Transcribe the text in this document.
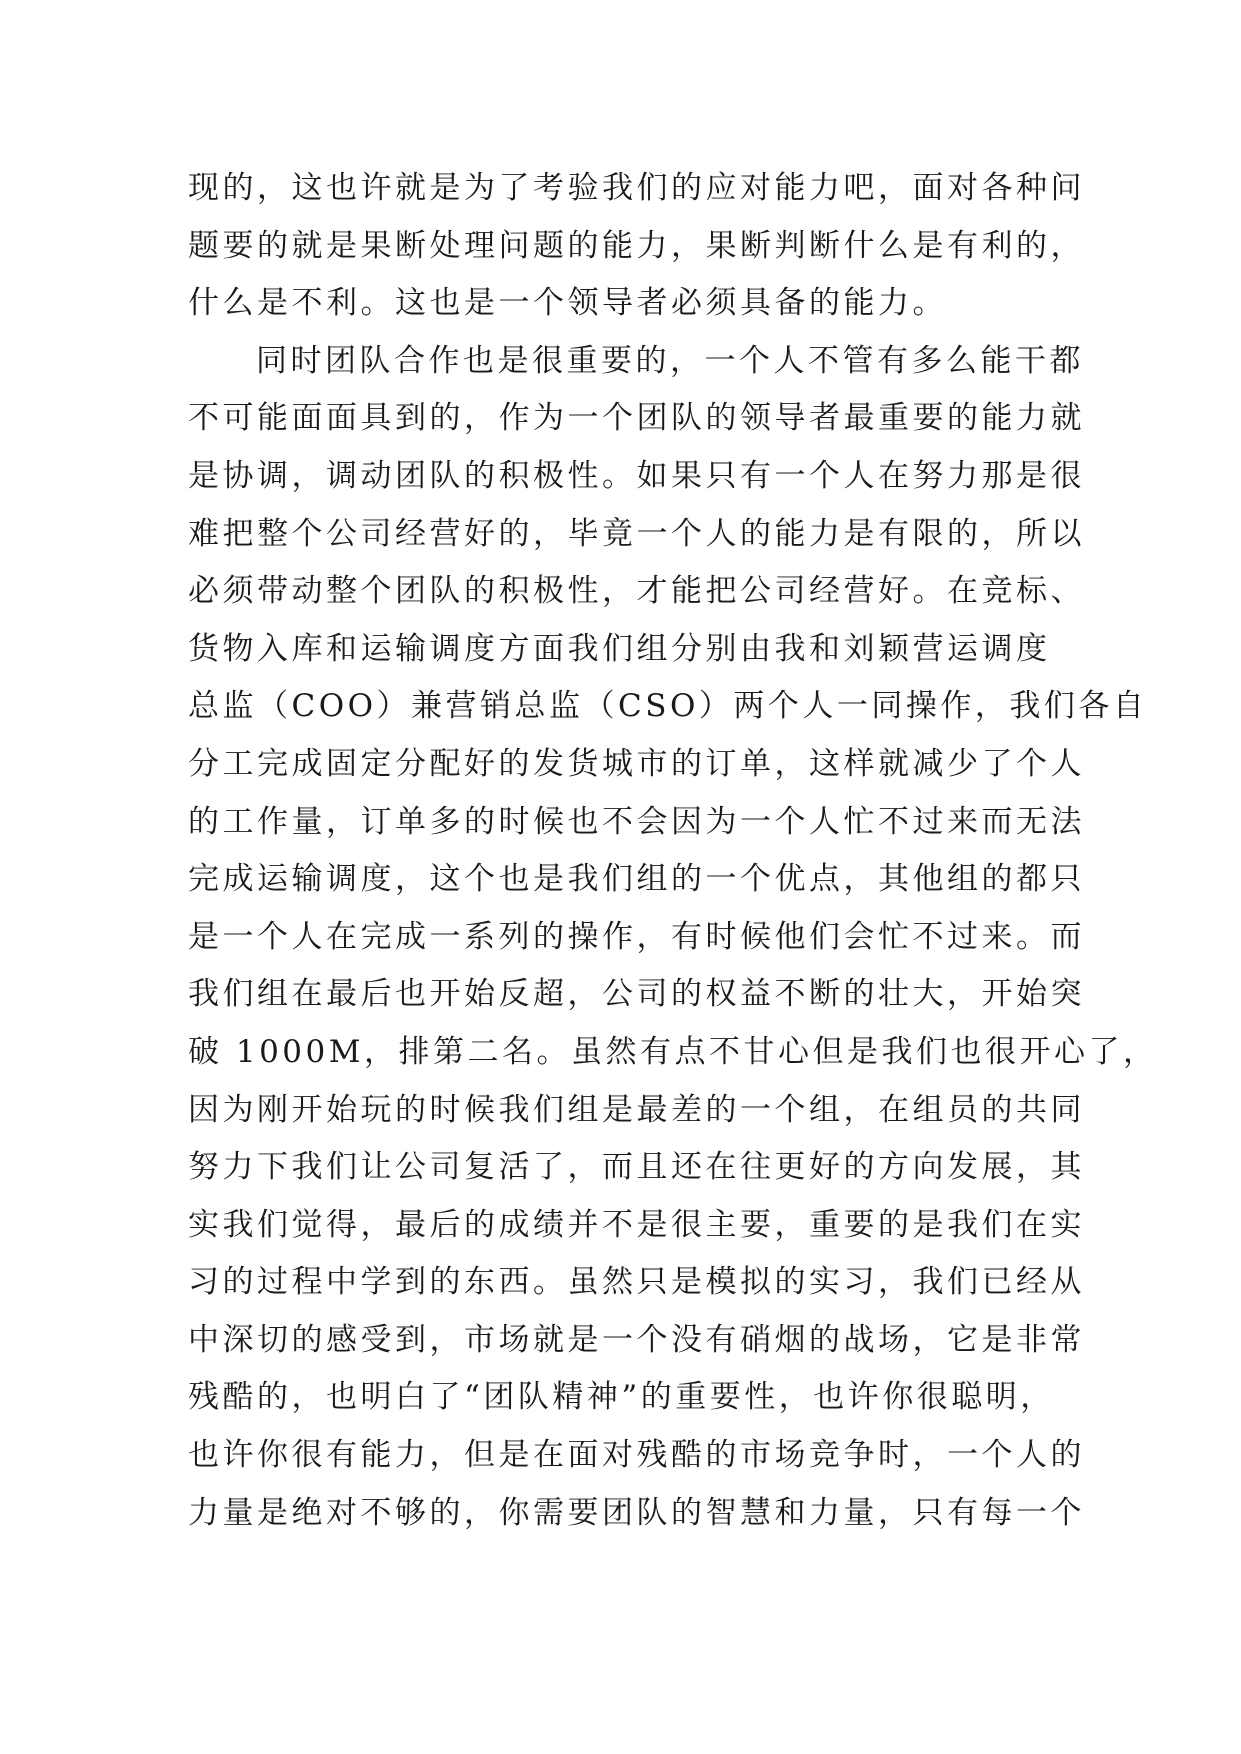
现的，这也许就是为了考验我们的应对能力吧，面对各种问
题要的就是果断处理问题的能力，果断判断什么是有利的，
什么是不利。这也是一个领导者必须具备的能力。
同时团队合作也是很重要的，一个人不管有多么能干都
不可能面面具到的，作为一个团队的领导者最重要的能力就
是协调，调动团队的积极性。如果只有一个人在努力那是很
难把整个公司经营好的，毕竟一个人的能力是有限的，所以
必须带动整个团队的积极性，才能把公司经营好。在竞标、
货物入库和运输调度方面我们组分别由我和刘颖营运调度
总监（COO）兼营销总监（CSO）两个人一同操作，我们各自
分工完成固定分配好的发货城市的订单，这样就减少了个人
的工作量，订单多的时候也不会因为一个人忙不过来而无法
完成运输调度，这个也是我们组的一个优点，其他组的都只
是一个人在完成一系列的操作，有时候他们会忙不过来。而
我们组在最后也开始反超，公司的权益不断的壮大，开始突
破 1000M，排第二名。虽然有点不甘心但是我们也很开心了，
因为刚开始玩的时候我们组是最差的一个组，在组员的共同
努力下我们让公司复活了，而且还在往更好的方向发展，其
实我们觉得，最后的成绩并不是很主要，重要的是我们在实
习的过程中学到的东西。虽然只是模拟的实习，我们已经从
中深切的感受到，市场就是一个没有硝烟的战场，它是非常
残酷的，也明白了“团队精神”的重要性，也许你很聪明，
也许你很有能力，但是在面对残酷的市场竞争时，一个人的
力量是绝对不够的，你需要团队的智慧和力量，只有每一个
